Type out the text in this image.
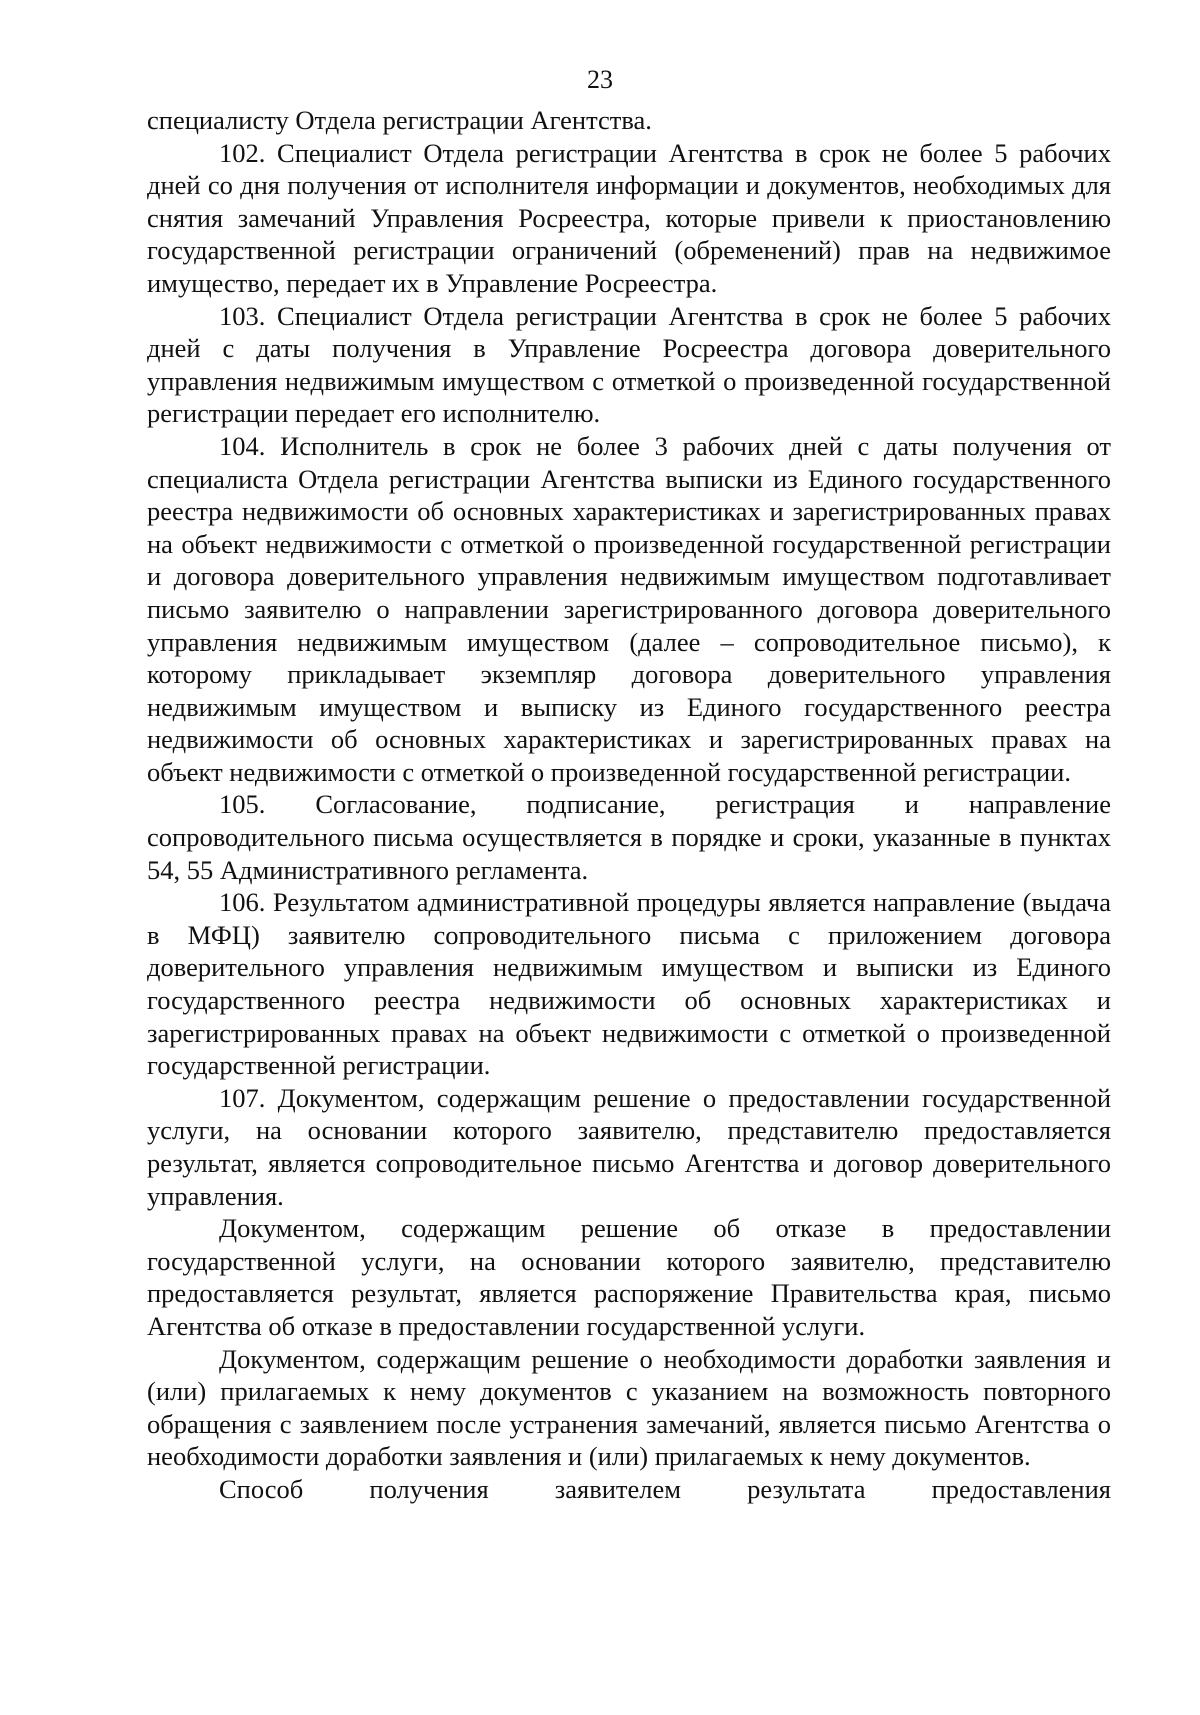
23

специалисту Отдела регистрации Агентства.

102. Специалист Отдела регистрации Агентства в срок не более 5 рабочих дней со дня получения от исполнителя информации и документов, необходимых для снятия замечаний Управления Росреестра, которые привели к приостановлению государственной регистрации ограничений (обременений) прав на недвижимое имущество, передает их в Управление Росреестра.

103. Специалист Отдела регистрации Агентства в срок не более 5 рабочих дней с даты получения в Управление Росреестра договора доверительного управления недвижимым имуществом с отметкой о произведенной государственной регистрации передает его исполнителю.

104. Исполнитель в срок не более 3 рабочих дней с даты получения от специалиста Отдела регистрации Агентства выписки из Единого государственного реестра недвижимости об основных характеристиках и зарегистрированных правах на объект недвижимости с отметкой о произведенной государственной регистрации и договора доверительного управления недвижимым имуществом подготавливает письмо заявителю о направлении зарегистрированного договора доверительного управления недвижимым имуществом (далее – сопроводительное письмо), к которому прикладывает экземпляр договора доверительного управления недвижимым имуществом и выписку из Единого государственного реестра недвижимости об основных характеристиках и зарегистрированных правах на объект недвижимости с отметкой о произведенной государственной регистрации.

105. Согласование, подписание, регистрация и направление сопроводительного письма осуществляется в порядке и сроки, указанные в пунктах 54, 55 Административного регламента.

106. Результатом административной процедуры является направление (выдача в МФЦ) заявителю сопроводительного письма с приложением договора доверительного управления недвижимым имуществом и выписки из Единого государственного реестра недвижимости об основных характеристиках и зарегистрированных правах на объект недвижимости с отметкой о произведенной государственной регистрации.

107. Документом, содержащим решение о предоставлении государственной услуги, на основании которого заявителю, представителю предоставляется результат, является сопроводительное письмо Агентства и договор доверительного управления.

Документом, содержащим решение об отказе в предоставлении государственной услуги, на основании которого заявителю, представителю предоставляется результат, является распоряжение Правительства края, письмо Агентства об отказе в предоставлении государственной услуги.

Документом, содержащим решение о необходимости доработки заявления и (или) прилагаемых к нему документов с указанием на возможность повторного обращения с заявлением после устранения замечаний, является письмо Агентства о необходимости доработки заявления и (или) прилагаемых к нему документов.

Способ получения заявителем результата предоставления
